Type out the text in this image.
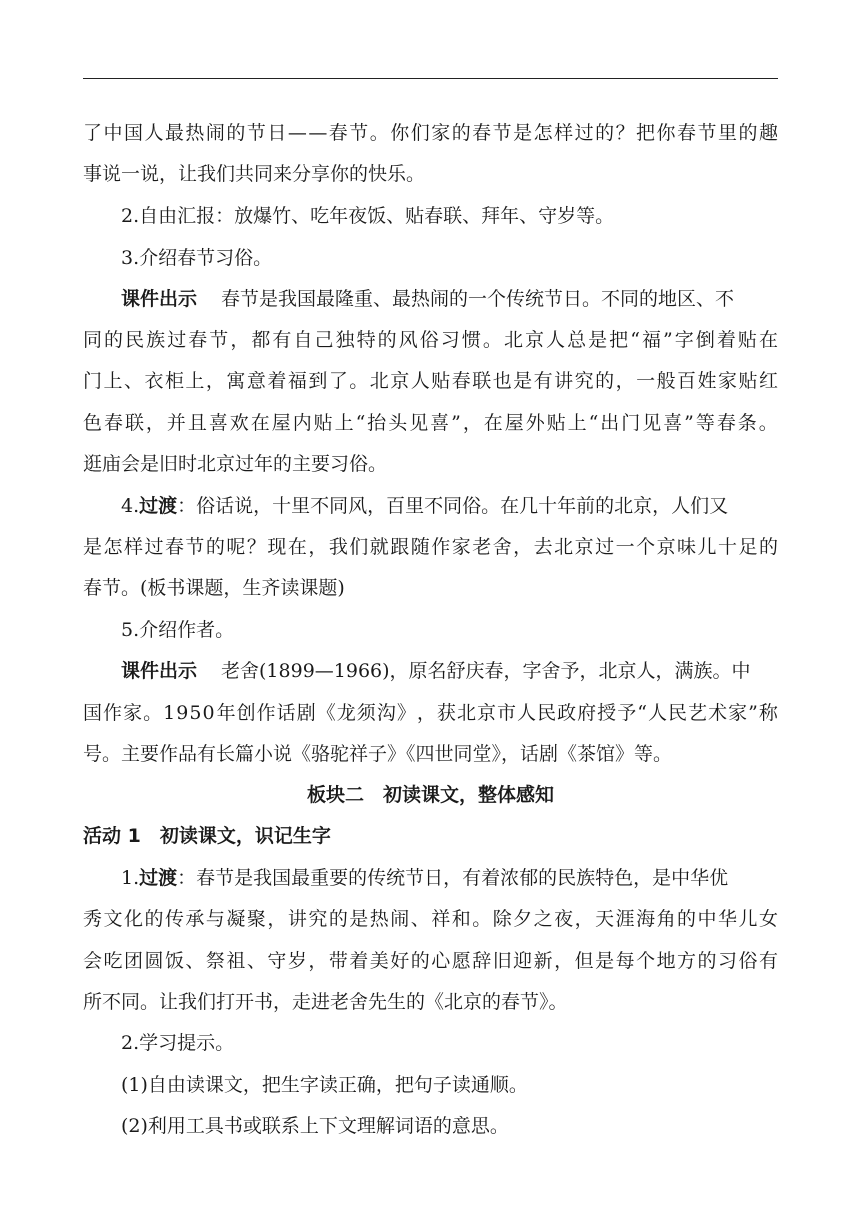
了 中 国 人 最 热 闹 的 节 日 — — 春 节 。 你 们 家 的 春 节 是 怎 样 过 的 ？ 把 你 春 节 里 的 趣
事说一说，让我们共同来分享你的快乐。
2.自由汇报：放爆竹、吃年夜饭、贴春联、拜年、守岁等。
3.介绍春节习俗。
课件出示 春节是我国最隆重、最热闹的一个传统节日。不同的地区、不
同 的 民 族 过 春 节 ， 都 有 自 己 独 特 的 风 俗 习 惯 。 北 京 人 总 是 把 “ 福 ” 字 倒 着 贴 在
门 上 、 衣 柜 上 ， 寓 意 着 福 到 了 。 北 京 人 贴 春 联 也 是 有 讲 究 的 ， 一 般 百 姓 家 贴 红
色 春 联 ， 并 且 喜 欢 在 屋 内 贴 上 “ 抬 头 见 喜 ” ， 在 屋 外 贴 上 “ 出 门 见 喜 ” 等 春 条 。
逛庙会是旧时北京过年的主要习俗。
4.过渡：俗话说，十里不同风，百里不同俗。在几十年前的北京，人们又
是 怎 样 过 春 节 的 呢 ？ 现 在 ， 我 们 就 跟 随 作 家 老 舍 ， 去 北 京 过 一 个 京 味 儿 十 足 的
春节。(板书课题，生齐读课题)
5.介绍作者。
课件出示 老舍(1899—1966)，原名舒庆春，字舍予，北京人，满族。中
国 作 家 。 1 9 5 0 年 创 作 话 剧 《 龙 须 沟 》 ， 获 北 京 市 人 民 政 府 授 予 “ 人 民 艺 术 家 ” 称
号。主要作品有长篇小说《骆驼祥子》《四世同堂》，话剧《茶馆》等。
板块二　初读课文，整体感知
活动 1　初读课文，识记生字
1.过渡：春节是我国最重要的传统节日，有着浓郁的民族特色，是中华优
秀 文 化 的 传 承 与 凝 聚 ， 讲 究 的 是 热 闹 、 祥 和 。 除 夕 之 夜 ， 天 涯 海 角 的 中 华 儿 女
会 吃 团 圆 饭 、 祭 祖 、 守 岁 ， 带 着 美 好 的 心 愿 辞 旧 迎 新 ， 但 是 每 个 地 方 的 习 俗 有
所不同。让我们打开书，走进老舍先生的《北京的春节》。
2.学习提示。
(1)自由读课文，把生字读正确，把句子读通顺。
(2)利用工具书或联系上下文理解词语的意思。
